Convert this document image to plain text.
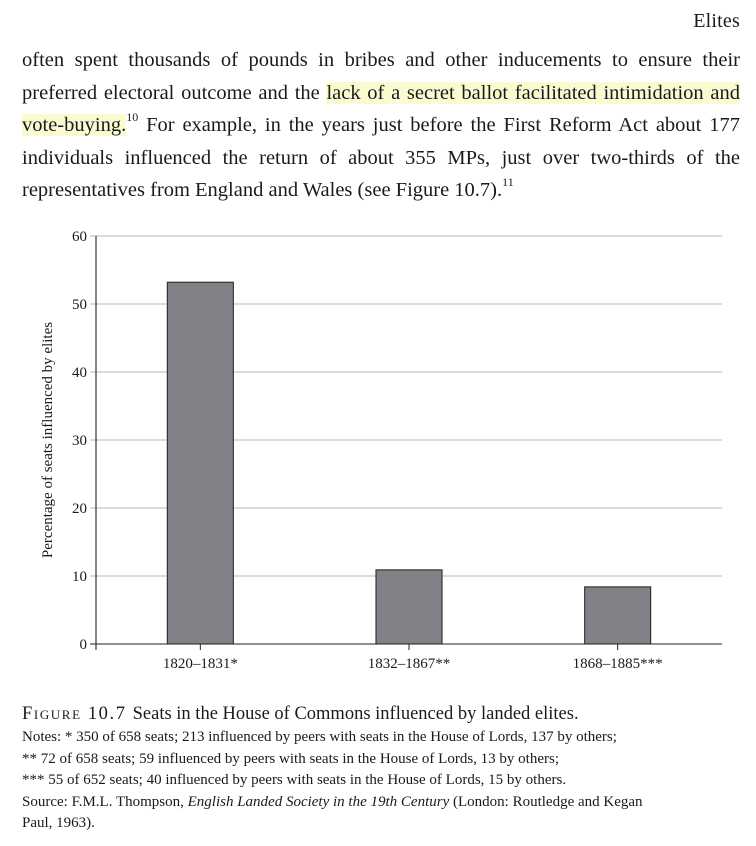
Elites
often spent thousands of pounds in bribes and other inducements to ensure their preferred electoral outcome and the lack of a secret ballot facilitated intimidation and vote-buying.$^{10}$ For example, in the years just before the First Reform Act about 177 individuals influenced the return of about 355 MPs, just over two-thirds of the representatives from England and Wales (see Figure 10.7).$^{11}$
0
10
20
30
40
50
60
Percentage of seats influenced by elites
1820–1831*	1832–1867**	1868–1885***
Figure 10.7 Seats in the House of Commons influenced by landed elites.
Notes: * 350 of 658 seats; 213 influenced by peers with seats in the House of Lords, 137 by others;
** 72 of 658 seats; 59 influenced by peers with seats in the House of Lords, 13 by others;
*** 55 of 652 seats; 40 influenced by peers with seats in the House of Lords, 15 by others.
Source: F.M.L. Thompson, English Landed Society in the 19th Century (London: Routledge and Kegan
Paul, 1963).
